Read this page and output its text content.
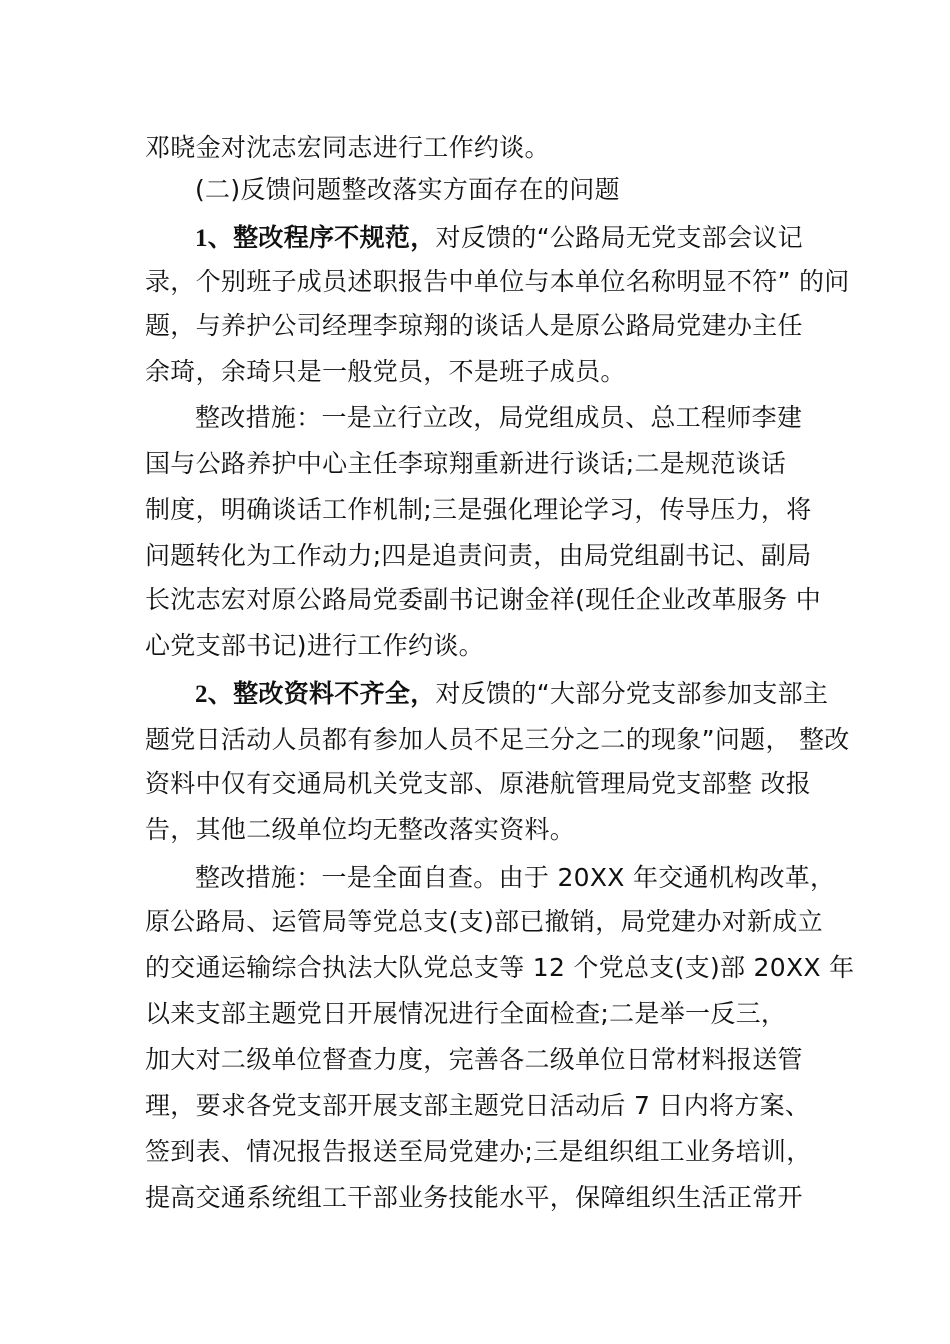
邓晓金对沈志宏同志进行工作约谈。
(二)反馈问题整改落实方面存在的问题
1、整改程序不规范，对反馈的“公路局无党支部会议记
录，个别班子成员述职报告中单位与本单位名称明显不符” 的问
题，与养护公司经理李琼翔的谈话人是原公路局党建办主任
余琦，余琦只是一般党员，不是班子成员。
整改措施：一是立行立改，局党组成员、总工程师李建
国与公路养护中心主任李琼翔重新进行谈话;二是规范谈话
制度，明确谈话工作机制;三是强化理论学习，传导压力，将
问题转化为工作动力;四是追责问责，由局党组副书记、副局
长沈志宏对原公路局党委副书记谢金祥(现任企业改革服务 中
心党支部书记)进行工作约谈。
2、整改资料不齐全，对反馈的“大部分党支部参加支部主
题党日活动人员都有参加人员不足三分之二的现象”问题， 整改
资料中仅有交通局机关党支部、原港航管理局党支部整 改报
告，其他二级单位均无整改落实资料。
整改措施：一是全面自查。由于 20XX 年交通机构改革，
原公路局、运管局等党总支(支)部已撤销，局党建办对新成立
的交通运输综合执法大队党总支等 12 个党总支(支)部 20XX 年
以来支部主题党日开展情况进行全面检查;二是举一反三，
加大对二级单位督查力度，完善各二级单位日常材料报送管
理，要求各党支部开展支部主题党日活动后 7 日内将方案、
签到表、情况报告报送至局党建办;三是组织组工业务培训，
提高交通系统组工干部业务技能水平，保障组织生活正常开
